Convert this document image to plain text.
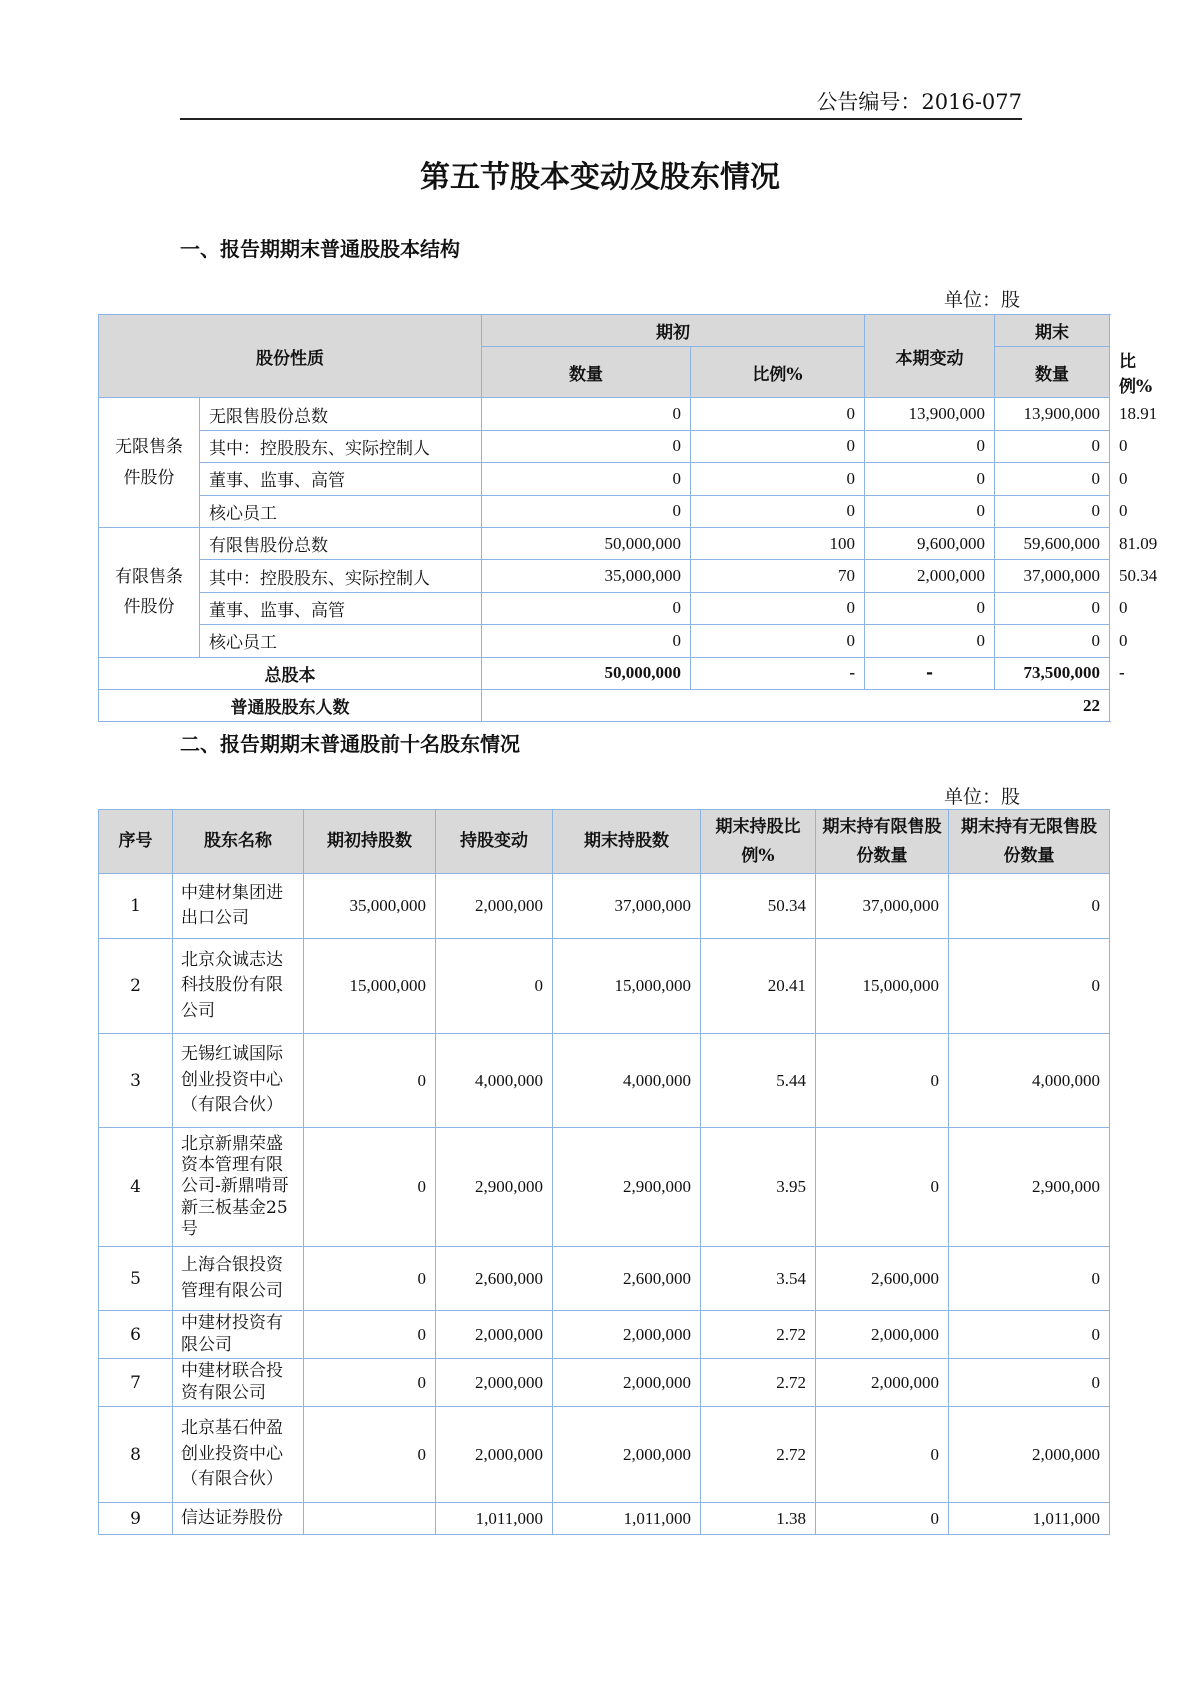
公告编号：2016-077
第五节股本变动及股东情况
一、报告期期末普通股股本结构
单位：股
股份性质		期初		本期变动	期末	
		数量	比例%		数量	比例%
无限售条件股份	无限售股份总数	0	0	13,900,000	13,900,000	18.91
	其中：控股股东、实际控制人	0	0	0	0	0
	董事、监事、高管	0	0	0	0	0
	核心员工	0	0	0	0	0
有限售条件股份	有限售股份总数	50,000,000	100	9,600,000	59,600,000	81.09
	其中：控股股东、实际控制人	35,000,000	70	2,000,000	37,000,000	50.34
	董事、监事、高管	0	0	0	0	0
	核心员工	0	0	0	0	0
总股本		50,000,000	-	-	73,500,000	-
普通股股东人数		22				
二、报告期期末普通股前十名股东情况
单位：股
序号	股东名称	期初持股数	持股变动	期末持股数	期末持股比例%	期末持有限售股份数量	期末持有无限售股份数量
1	中建材集团进出口公司	35,000,000	2,000,000	37,000,000	50.34	37,000,000	0
2	北京众诚志达科技股份有限公司	15,000,000	0	15,000,000	20.41	15,000,000	0
3	无锡红诚国际创业投资中心（有限合伙）	0	4,000,000	4,000,000	5.44	0	4,000,000
4	北京新鼎荣盛资本管理有限公司-新鼎啃哥新三板基金25号	0	2,900,000	2,900,000	3.95	0	2,900,000
5	上海合银投资管理有限公司	0	2,600,000	2,600,000	3.54	2,600,000	0
6	中建材投资有限公司	0	2,000,000	2,000,000	2.72	2,000,000	0
7	中建材联合投资有限公司	0	2,000,000	2,000,000	2.72	2,000,000	0
8	北京基石仲盈创业投资中心（有限合伙）	0	2,000,000	2,000,000	2.72	0	2,000,000
9	信达证券股份		1,011,000	1,011,000	1.38	0	1,011,000
